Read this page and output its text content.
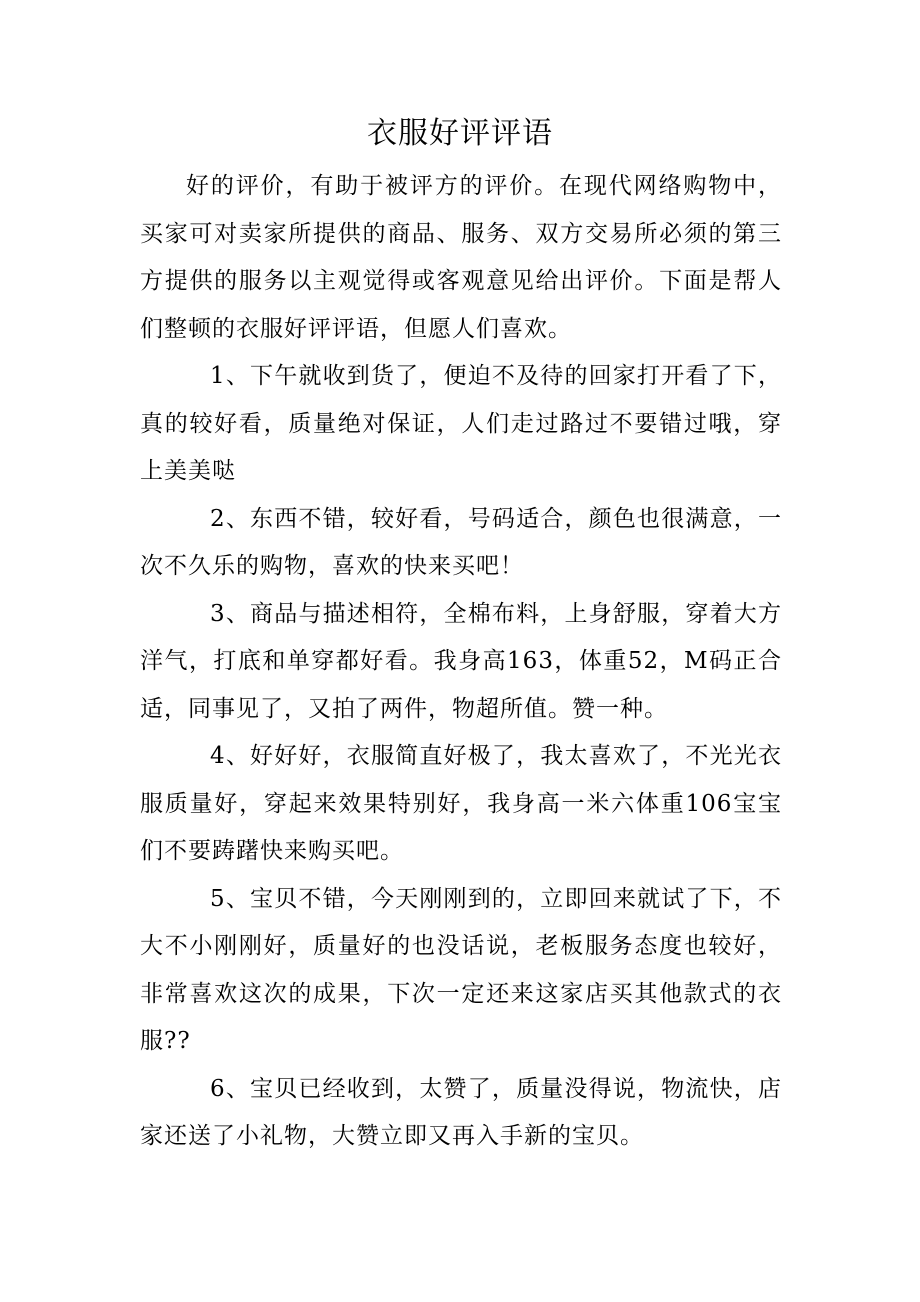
衣服好评评语

好的评价，有助于被评方的评价。在现代网络购物中，买家可对卖家所提供的商品、服务、双方交易所必须的第三方提供的服务以主观觉得或客观意见给出评价。下面是帮人们整顿的衣服好评评语，但愿人们喜欢。

1、下午就收到货了，便迫不及待的回家打开看了下，真的较好看，质量绝对保证，人们走过路过不要错过哦，穿上美美哒

2、东西不错，较好看，号码适合，颜色也很满意，一次不久乐的购物，喜欢的快来买吧！

3、商品与描述相符，全棉布料，上身舒服，穿着大方洋气，打底和单穿都好看。我身高163，体重52，M码正合适，同事见了，又拍了两件，物超所值。赞一种。

4、好好好，衣服简直好极了，我太喜欢了，不光光衣服质量好，穿起来效果特别好，我身高一米六体重106宝宝们不要踌躇快来购买吧。

5、宝贝不错，今天刚刚到的，立即回来就试了下，不大不小刚刚好，质量好的也没话说，老板服务态度也较好，非常喜欢这次的成果，下次一定还来这家店买其他款式的衣服??

6、宝贝已经收到，太赞了，质量没得说，物流快，店家还送了小礼物，大赞立即又再入手新的宝贝。
